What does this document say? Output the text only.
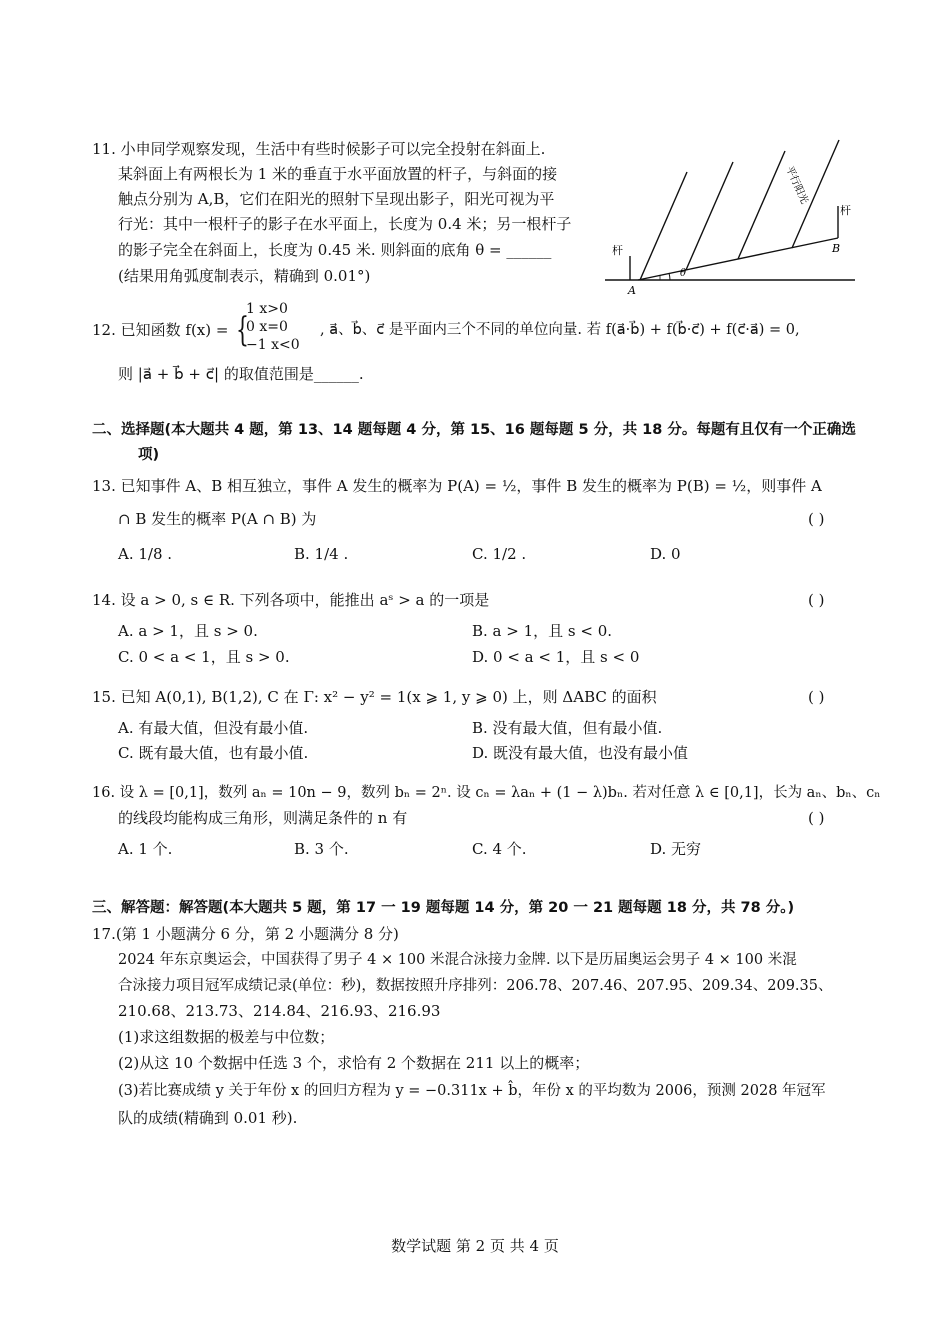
11. 小申同学观察发现，生活中有些时候影子可以完全投射在斜面上.
某斜面上有两根长为 1 米的垂直于水平面放置的杆子，与斜面的接
触点分别为 A,B，它们在阳光的照射下呈现出影子，阳光可视为平
行光：其中一根杆子的影子在水平面上，长度为 0.4 米；另一根杆子
的影子完全在斜面上，长度为 0.45 米. 则斜面的底角 θ = ______
(结果用角弧度制表示，精确到 0.01°)
杆
杆
A
B
θ
平行阳光
12. 已知函数 f(x) = {
1 x>0
0 x=0
−1 x<0
, a⃗、b⃗、c⃗ 是平面内三个不同的单位向量. 若 f(a⃗·b⃗) + f(b⃗·c⃗) + f(c⃗·a⃗) = 0,
则 |a⃗ + b⃗ + c⃗| 的取值范围是______.
二、选择题(本大题共 4 题，第 13、14 题每题 4 分，第 15、16 题每题 5 分，共 18 分。每题有且仅有一个正确选
项)
13. 已知事件 A、B 相互独立，事件 A 发生的概率为 P(A) = ½，事件 B 发生的概率为 P(B) = ½，则事件 A
∩ B 发生的概率 P(A ∩ B) 为	( )
A. 1/8 .	B. 1/4 .	C. 1/2 .	D. 0
14. 设 a > 0, s ∈ R. 下列各项中，能推出 aˢ > a 的一项是	( )
A. a > 1，且 s > 0.	B. a > 1，且 s < 0.
C. 0 < a < 1，且 s > 0.	D. 0 < a < 1，且 s < 0
15. 已知 A(0,1), B(1,2), C 在 Γ: x² − y² = 1(x ⩾ 1, y ⩾ 0) 上，则 ΔABC 的面积	( )
A. 有最大值，但没有最小值.	B. 没有最大值，但有最小值.
C. 既有最大值，也有最小值.	D. 既没有最大值，也没有最小值
16. 设 λ = [0,1]，数列 aₙ = 10n − 9，数列 bₙ = 2ⁿ. 设 cₙ = λaₙ + (1 − λ)bₙ. 若对任意 λ ∈ [0,1]，长为 aₙ、bₙ、cₙ
的线段均能构成三角形，则满足条件的 n 有	( )
A. 1 个.	B. 3 个.	C. 4 个.	D. 无穷
三、解答题：解答题(本大题共 5 题，第 17 一 19 题每题 14 分，第 20 一 21 题每题 18 分，共 78 分。)
17.(第 1 小题满分 6 分，第 2 小题满分 8 分)
2024 年东京奥运会，中国获得了男子 4 × 100 米混合泳接力金牌. 以下是历届奥运会男子 4 × 100 米混
合泳接力项目冠军成绩记录(单位：秒)，数据按照升序排列：206.78、207.46、207.95、209.34、209.35、
210.68、213.73、214.84、216.93、216.93
(1)求这组数据的极差与中位数；
(2)从这 10 个数据中任选 3 个，求恰有 2 个数据在 211 以上的概率；
(3)若比赛成绩 y 关于年份 x 的回归方程为 y = −0.311x + b̂，年份 x 的平均数为 2006，预测 2028 年冠军
队的成绩(精确到 0.01 秒).
数学试题 第 2 页 共 4 页
